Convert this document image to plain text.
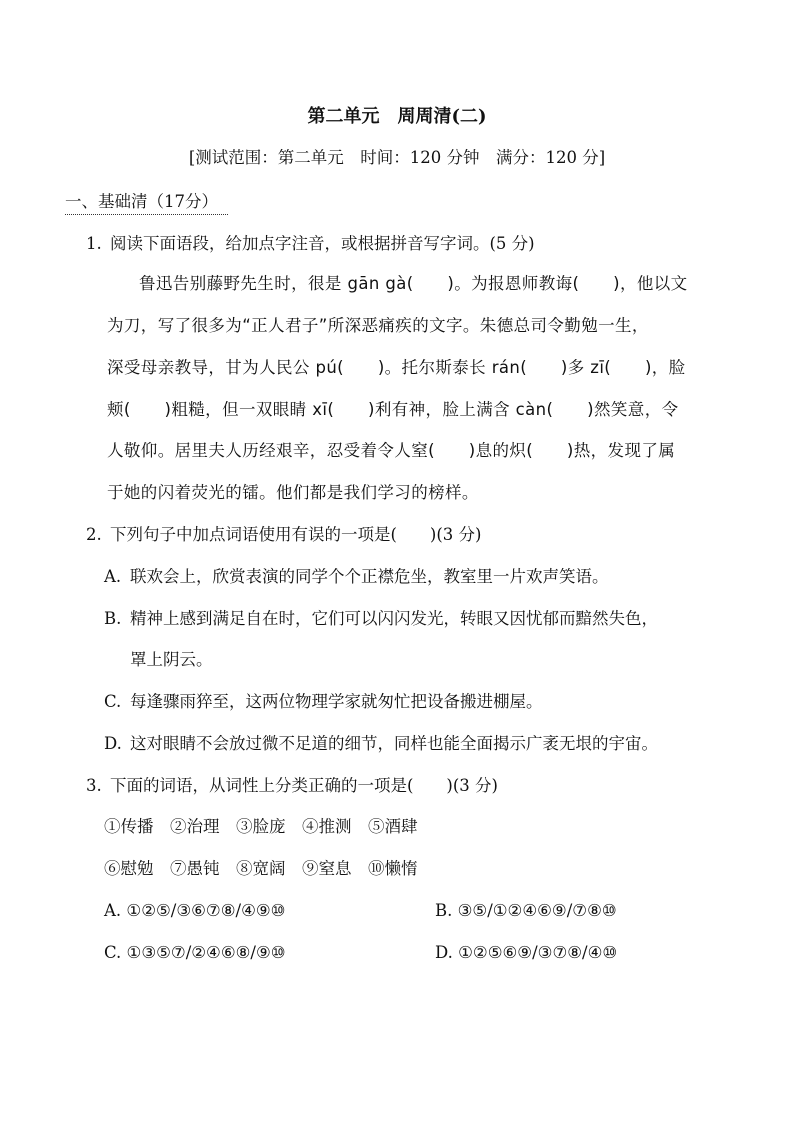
第二单元　周周清(二)
[测试范围：第二单元　时间：120 分钟　满分：120 分]
一、基础清（17分）
1. 阅读下面语段，给加点字注音，或根据拼音写字词。(5 分)
鲁迅告别藤野先生时，很是 gān gà(　　)。为报恩师教诲(　　)，他以文
为刀，写了很多为“正人君子”所深恶痛疾的文字。朱德总司令勤勉一生，
深受母亲教导，甘为人民公 pú(　　)。托尔斯泰长 rán(　　)多 zī(　　)，脸
颊(　　)粗糙，但一双眼睛 xī(　　)利有神，脸上满含 càn(　　)然笑意，令
人敬仰。居里夫人历经艰辛，忍受着令人窒(　　)息的炽(　　)热，发现了属
于她的闪着荧光的镭。他们都是我们学习的榜样。
2. 下列句子中加点词语使用有误的一项是(　　)(3 分)
A. 联欢会上，欣赏表演的同学个个正襟危坐，教室里一片欢声笑语。
B. 精神上感到满足自在时，它们可以闪闪发光，转眼又因忧郁而黯然失色，
罩上阴云。
C. 每逢骤雨猝至，这两位物理学家就匆忙把设备搬进棚屋。
D. 这对眼睛不会放过微不足道的细节，同样也能全面揭示广袤无垠的宇宙。
3. 下面的词语，从词性上分类正确的一项是(　　)(3 分)
①传播　②治理　③脸庞　④推测　⑤酒肆
⑥慰勉　⑦愚钝　⑧宽阔　⑨窒息　⑩懒惰
A. ①②⑤/③⑥⑦⑧/④⑨⑩	B. ③⑤/①②④⑥⑨/⑦⑧⑩
C. ①③⑤⑦/②④⑥⑧/⑨⑩	D. ①②⑤⑥⑨/③⑦⑧/④⑩
